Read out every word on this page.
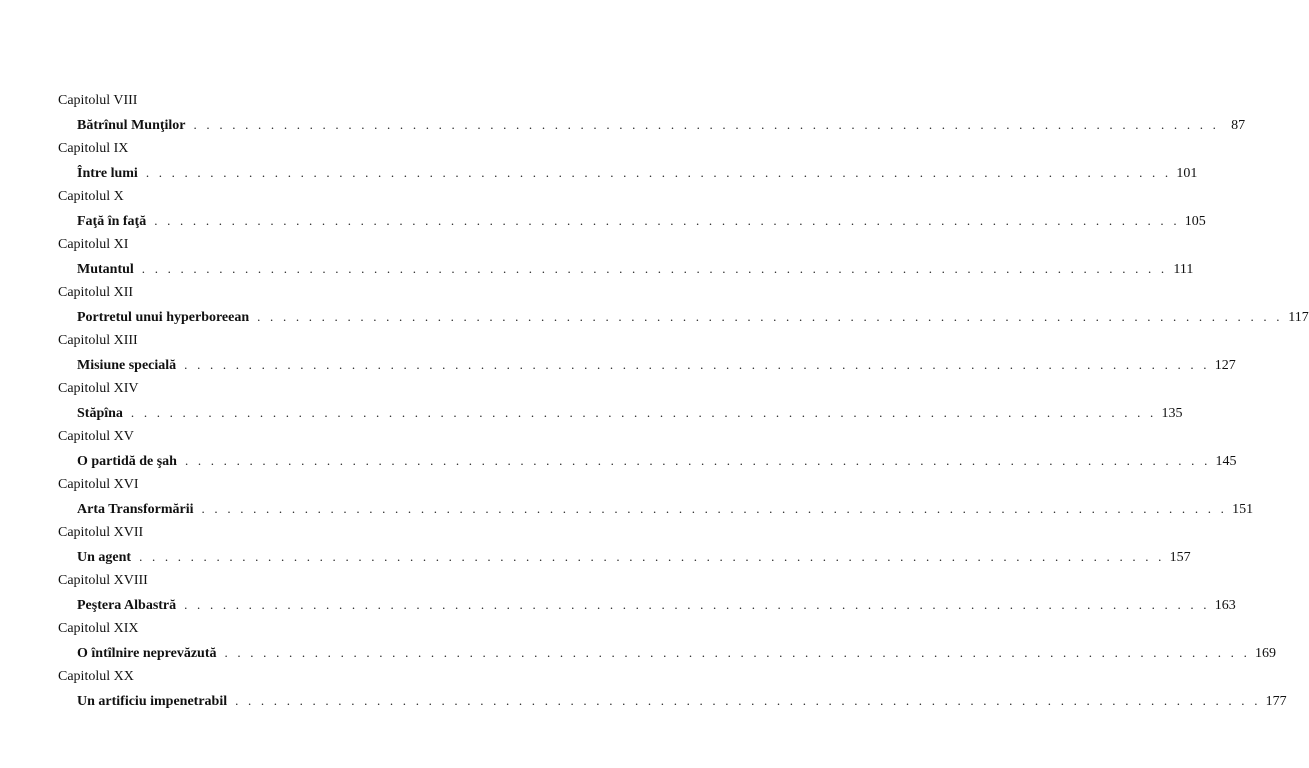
Capitolul VIII
Bătrînul Munţilor . . . . . . . . . . . . . . . . . . . . . . . . . . . . . . . . . . . . . . . . . . . . . . . . . . . . . . . . . . . . . . . . . . . . . . . . . . . . . . . . 87
Capitolul IX
Între lumi . . . . . . . . . . . . . . . . . . . . . . . . . . . . . . . . . . . . . . . . . . . . . . . . . . . . . . . . . . . . . . . . . . . . . . . . . . . . . . . . 101
Capitolul X
Faţă în faţă . . . . . . . . . . . . . . . . . . . . . . . . . . . . . . . . . . . . . . . . . . . . . . . . . . . . . . . . . . . . . . . . . . . . . . . . . . . . . . . . 105
Capitolul XI
Mutantul . . . . . . . . . . . . . . . . . . . . . . . . . . . . . . . . . . . . . . . . . . . . . . . . . . . . . . . . . . . . . . . . . . . . . . . . . . . . . . . . 111
Capitolul XII
Portretul unui hyperboreean . . . . . . . . . . . . . . . . . . . . . . . . . . . . . . . . . . . . . . . . . . . . . . . . . . . . . . . . . . . . . . . . . . . . . . . . . . . . . . . . 117
Capitolul XIII
Misiune specială . . . . . . . . . . . . . . . . . . . . . . . . . . . . . . . . . . . . . . . . . . . . . . . . . . . . . . . . . . . . . . . . . . . . . . . . . . . . . . . . 127
Capitolul XIV
Stăpîna . . . . . . . . . . . . . . . . . . . . . . . . . . . . . . . . . . . . . . . . . . . . . . . . . . . . . . . . . . . . . . . . . . . . . . . . . . . . . . . . 135
Capitolul XV
O partidă de şah . . . . . . . . . . . . . . . . . . . . . . . . . . . . . . . . . . . . . . . . . . . . . . . . . . . . . . . . . . . . . . . . . . . . . . . . . . . . . . . . 145
Capitolul XVI
Arta Transformării . . . . . . . . . . . . . . . . . . . . . . . . . . . . . . . . . . . . . . . . . . . . . . . . . . . . . . . . . . . . . . . . . . . . . . . . . . . . . . . . 151
Capitolul XVII
Un agent . . . . . . . . . . . . . . . . . . . . . . . . . . . . . . . . . . . . . . . . . . . . . . . . . . . . . . . . . . . . . . . . . . . . . . . . . . . . . . . . 157
Capitolul XVIII
Peştera Albastră . . . . . . . . . . . . . . . . . . . . . . . . . . . . . . . . . . . . . . . . . . . . . . . . . . . . . . . . . . . . . . . . . . . . . . . . . . . . . . . . 163
Capitolul XIX
O întîlnire neprevăzută . . . . . . . . . . . . . . . . . . . . . . . . . . . . . . . . . . . . . . . . . . . . . . . . . . . . . . . . . . . . . . . . . . . . . . . . . . . . . . . . 169
Capitolul XX
Un artificiu impenetrabil . . . . . . . . . . . . . . . . . . . . . . . . . . . . . . . . . . . . . . . . . . . . . . . . . . . . . . . . . . . . . . . . . . . . . . . . . . . . . . . . 177
